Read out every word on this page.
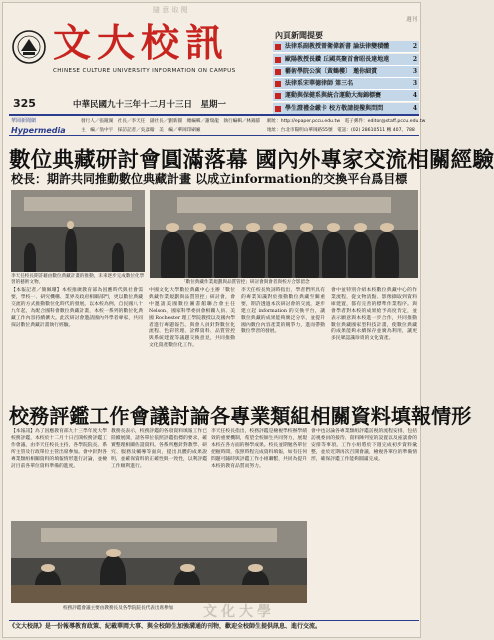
隨 意 取 閱
週刊
文大校訊
CHINESE CULTURE UNIVERSITY INFORMATION ON CAMPUS
325	中華民國九十三年十二月十三日　星期一
內頁新聞提要
法律系副教授曾衛偉新書 論法律變積體	2
歐陽教授長鑽 丘國英聚首會昭長達地遠	2
藝術學院公演〔黃鶴樓〕 邀你細賞	3
法律系宋華德律師 第三名	3
運動與保健系與統合運動大海錦標賽	4
學生證禮金繳卡 校方敬請提撥與問問	4
華岡新聞網
Hypermedia
發行人／張鏡湖　社長／李天任　副社長／劉新圓　總編輯／謝瑞龍　執行編輯／林錦郁
主　編／翁中宇　採訪記者／吳彥翰　美　編／華岡印刷廠
網址：http://epaper.pccu.edu.tw　電子郵件：editor@staff.pccu.edu.tw
地址：台北市陽明山華岡路55號　電話：(02) 28610511 轉 407、788
數位典藏研討會圓滿落幕 國內外專家交流相關經驗
校長：期許共同推動數位典藏計畫 以成立information的交換平台爲目標
李天任校長期許藉由數位典藏計畫的推動，未來逐步完成數位化學習的藝術文物。	「數位典藏作業規劃與品質管控」研討會與會者與校方合影留念
【本報記者／簡佩珊】本校推廣教育部為因應時代與社會需要，學校一、研究機構、業界及政府相關部門，更以數位典藏交流的方式推動數位化時代的發展。以本校為例，自民國八十九年起，為配合國科會數位典藏計畫，本校一系列的數位化典藏工作內容持續擴大。此次研討會邀請國內外學者專家，共同探討數位典藏計畫執行經驗。
中國文化大學數位典藏中心主辦「數位典藏作業規劃與品質管控」研討會，會中邀請美國數位圖書館聯合會主任 Nelson、國家科學委員會相關人員、美國 Rochester 理工學院教授以及國內學者進行專題報告。與會人員針對數位化流程、色彩管理、詮釋資料、品質管控與系統建置等議題交換意見，共同推動文化資產數位化工作。
李天任校長致詞時指出，學者們所具有的專業知識對於推動數位典藏至關重要，期許透過本次研討會的交流，逐步建立起 information 的交換平台，讓數位典藏的成果能夠廣泛分享，並提升國內數位內容產業的競爭力，進而帶動數位學習的發展。
會中並特別介紹本校數位典藏中心的作業流程，從文物清點、影像擷取到資料庫建置，都有完善的標準作業程序。與會學者對本校的成果給予高度肯定，並表示願意與本校進一步合作，共同推動數位典藏國家型科技計畫，使數位典藏的成果能夠永續保存並廣為利用，讓更多民眾認識珍貴的文化資產。
校務評鑑工作會議討論各專業類組相關資料填報情形
【本報訊】為了因應教育部九十三學年度大學校務評鑑，本校於十二月十日召開校務評鑑工作會議，由李天任校長主持，各學院院長、系所主管及行政單位主管出席參加。會中針對各專業類組相關資料的填報情形進行討論，並檢討目前各單位資料準備的進度。
教務長表示，校務評鑑的各項資料填報工作已陸續展開，請各單位依照評鑑指標的要求，確實整理相關佐證資料。各系所應針對教學、研究、服務及輔導等面向，提出具體的成果說明，並確保資料的正確性與一致性，以利評鑑工作順利進行。
李天任校長指出，校務評鑑是檢視學校辦學績效的重要機制，希望全校師生共同努力，展現本校在各方面的辦學成果。校長並期勉各單位把握時間，依照時程完成資料填報，如有任何問題可隨時與評鑑工作小組聯繫，共同為提升本校的教育品質而努力。
會中也討論各專業類組評鑑訪視的流程安排，包括訪視委員的接待、資料陳列室的設置以及座談會的安排等事項。工作小組將於下週完成初步資料彙整，並於近期再次召開會議，檢視各單位的準備情形，確保評鑑工作能夠圓滿完成。
校務評鑑會議主要由教務長及各學院院長代表出席參加	文化大學
《文大校訊》是一份報導教育政策、紀載華岡大事、與全校師生加強溝通的刊物，歡迎全校師生提供訊息、進行交流。
